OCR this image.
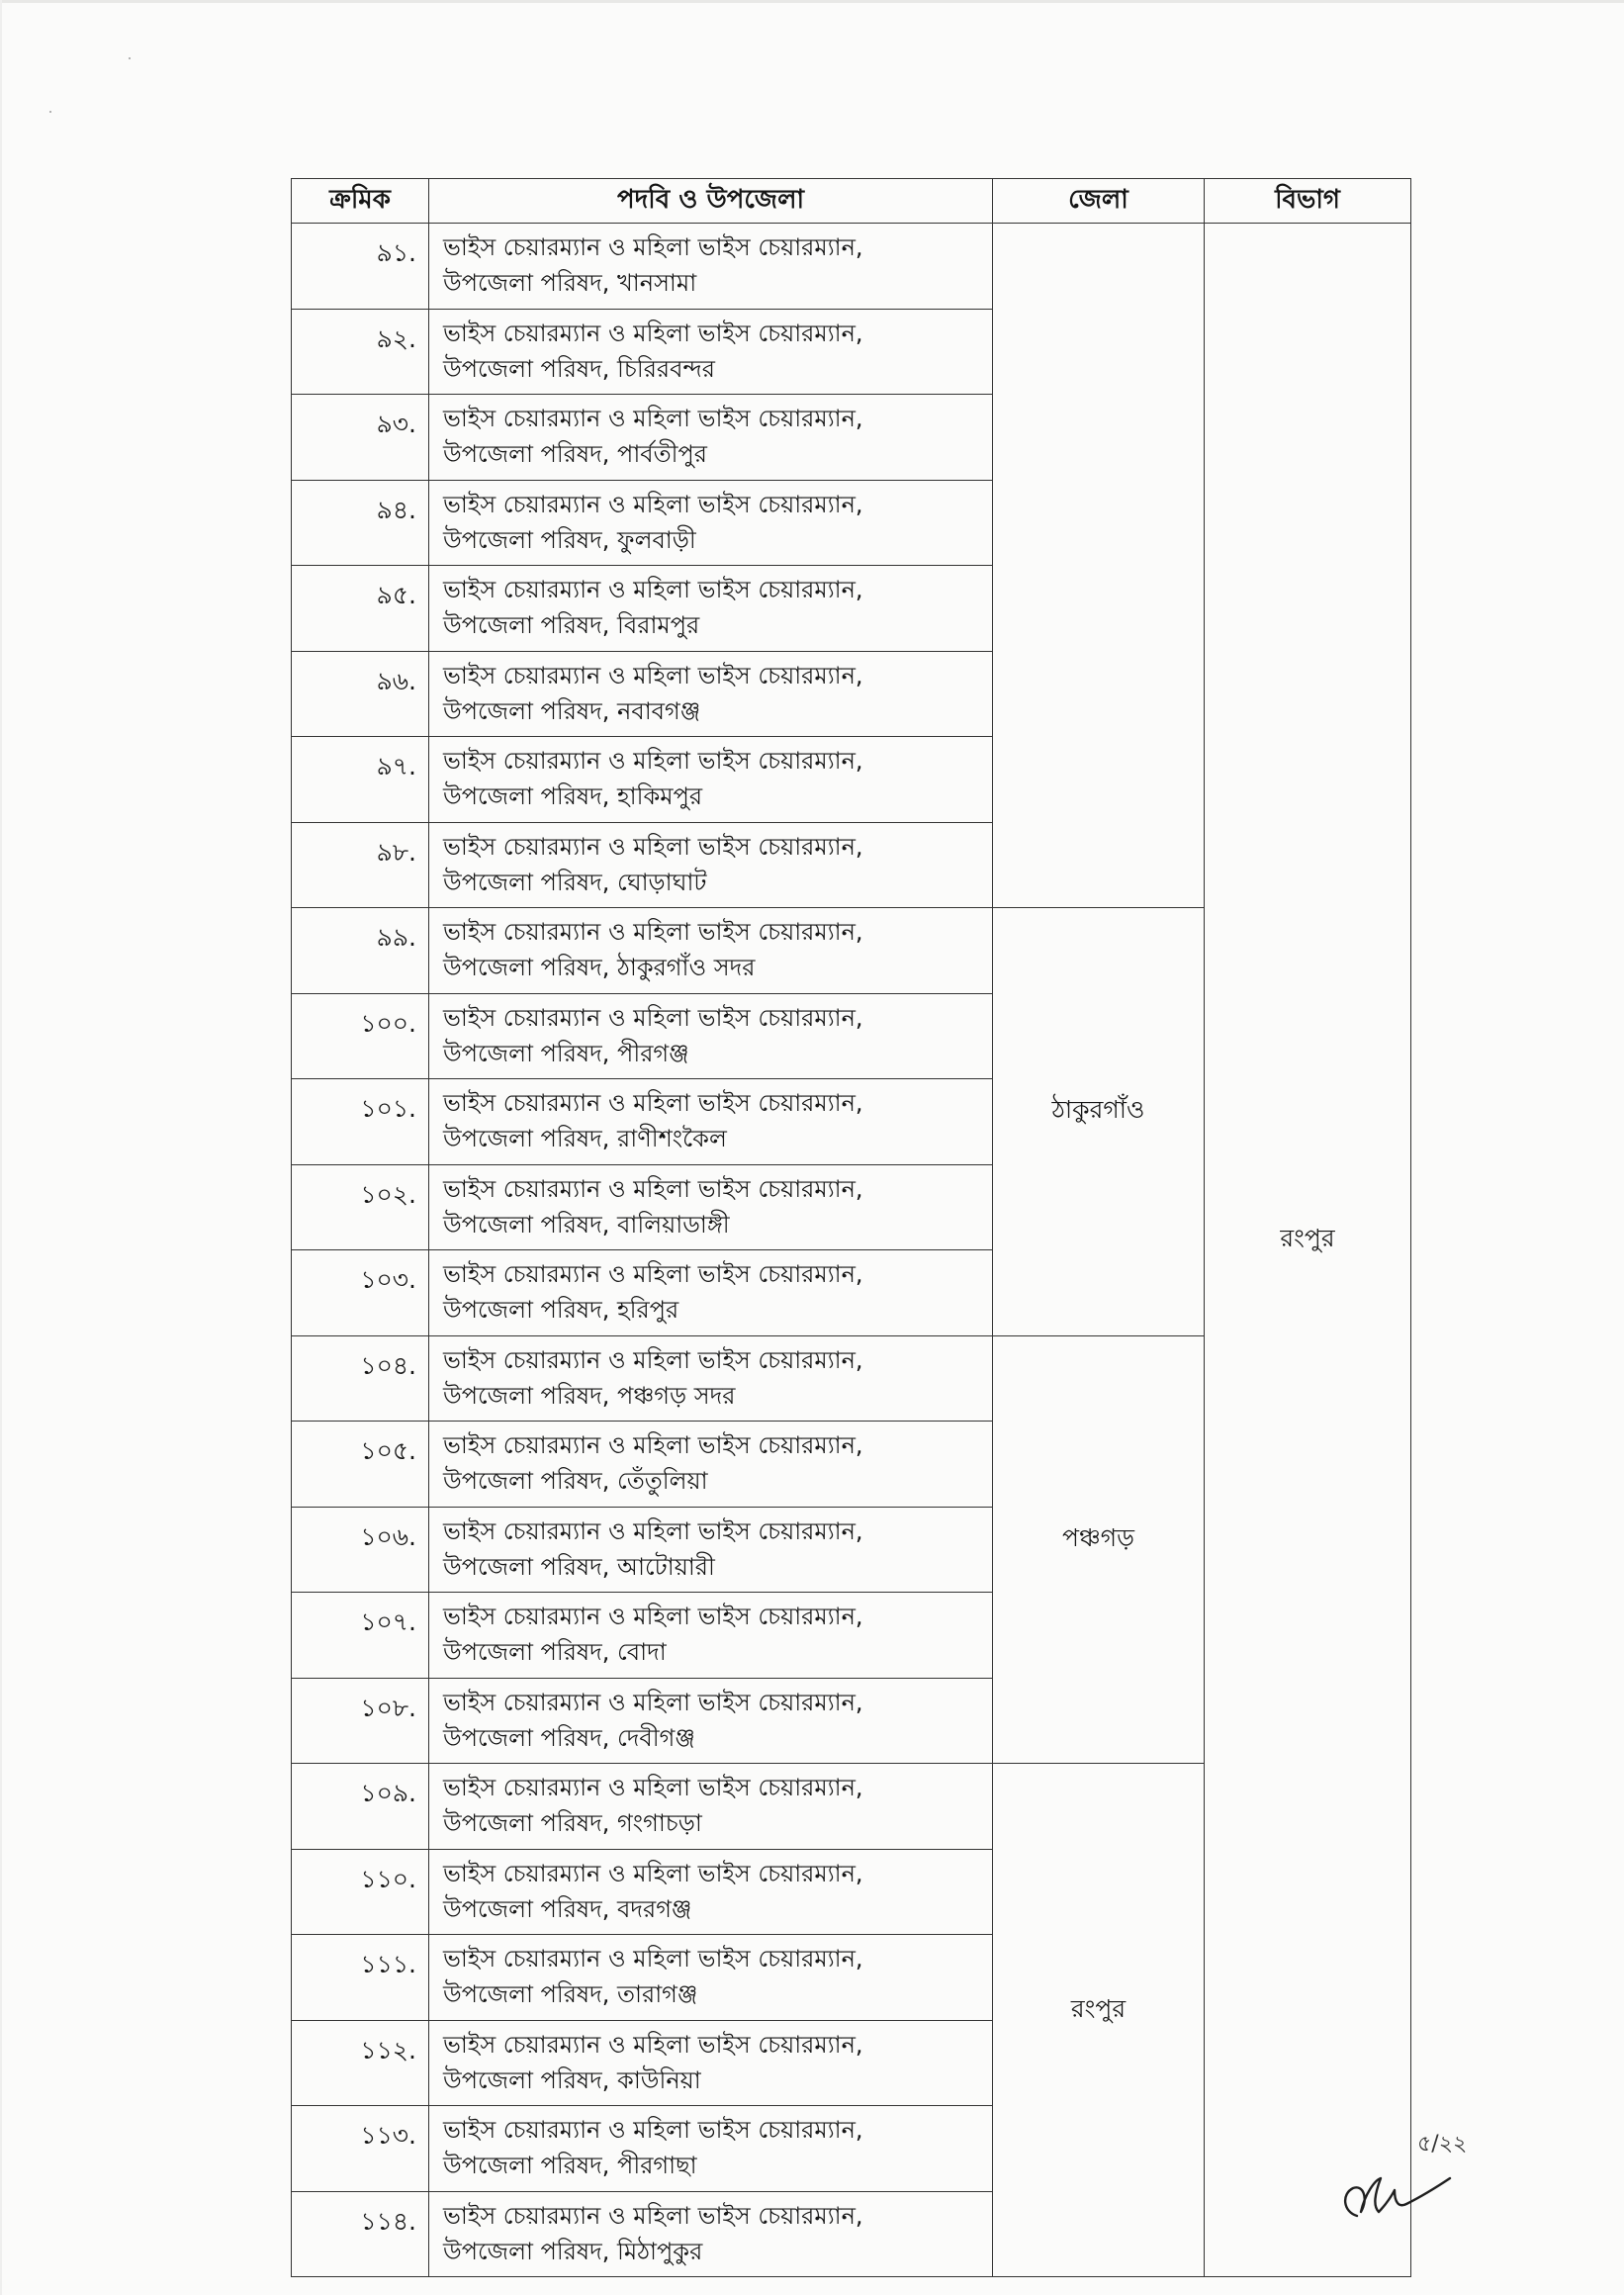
ক্রমিক	পদবি ও উপজেলা	জেলা	বিভাগ
৯১.	ভাইস চেয়ারম্যান ও মহিলা ভাইস চেয়ারম্যান,
উপজেলা পরিষদ, খানসামা		রংপুর
৯২.	ভাইস চেয়ারম্যান ও মহিলা ভাইস চেয়ারম্যান,
উপজেলা পরিষদ, চিরিরবন্দর		

৯৩.	ভাইস চেয়ারম্যান ও মহিলা ভাইস চেয়ারম্যান,
উপজেলা পরিষদ, পার্বতীপুর		

৯৪.	ভাইস চেয়ারম্যান ও মহিলা ভাইস চেয়ারম্যান,
উপজেলা পরিষদ, ফুলবাড়ী		

৯৫.	ভাইস চেয়ারম্যান ও মহিলা ভাইস চেয়ারম্যান,
উপজেলা পরিষদ, বিরামপুর		

৯৬.	ভাইস চেয়ারম্যান ও মহিলা ভাইস চেয়ারম্যান,
উপজেলা পরিষদ, নবাবগঞ্জ		

৯৭.	ভাইস চেয়ারম্যান ও মহিলা ভাইস চেয়ারম্যান,
উপজেলা পরিষদ, হাকিমপুর		

৯৮.	ভাইস চেয়ারম্যান ও মহিলা ভাইস চেয়ারম্যান,
উপজেলা পরিষদ, ঘোড়াঘাট		

৯৯.	ভাইস চেয়ারম্যান ও মহিলা ভাইস চেয়ারম্যান,
উপজেলা পরিষদ, ঠাকুরগাঁও সদর	ঠাকুরগাঁও	
১০০.	ভাইস চেয়ারম্যান ও মহিলা ভাইস চেয়ারম্যান,
উপজেলা পরিষদ, পীরগঞ্জ		

১০১.	ভাইস চেয়ারম্যান ও মহিলা ভাইস চেয়ারম্যান,
উপজেলা পরিষদ, রাণীশংকৈল		

১০২.	ভাইস চেয়ারম্যান ও মহিলা ভাইস চেয়ারম্যান,
উপজেলা পরিষদ, বালিয়াডাঙ্গী		

১০৩.	ভাইস চেয়ারম্যান ও মহিলা ভাইস চেয়ারম্যান,
উপজেলা পরিষদ, হরিপুর		

১০৪.	ভাইস চেয়ারম্যান ও মহিলা ভাইস চেয়ারম্যান,
উপজেলা পরিষদ, পঞ্চগড় সদর	পঞ্চগড়	
১০৫.	ভাইস চেয়ারম্যান ও মহিলা ভাইস চেয়ারম্যান,
উপজেলা পরিষদ, তেঁতুলিয়া		

১০৬.	ভাইস চেয়ারম্যান ও মহিলা ভাইস চেয়ারম্যান,
উপজেলা পরিষদ, আটোয়ারী		

১০৭.	ভাইস চেয়ারম্যান ও মহিলা ভাইস চেয়ারম্যান,
উপজেলা পরিষদ, বোদা		

১০৮.	ভাইস চেয়ারম্যান ও মহিলা ভাইস চেয়ারম্যান,
উপজেলা পরিষদ, দেবীগঞ্জ		

১০৯.	ভাইস চেয়ারম্যান ও মহিলা ভাইস চেয়ারম্যান,
উপজেলা পরিষদ, গংগাচড়া	রংপুর	
১১০.	ভাইস চেয়ারম্যান ও মহিলা ভাইস চেয়ারম্যান,
উপজেলা পরিষদ, বদরগঞ্জ		

১১১.	ভাইস চেয়ারম্যান ও মহিলা ভাইস চেয়ারম্যান,
উপজেলা পরিষদ, তারাগঞ্জ		

১১২.	ভাইস চেয়ারম্যান ও মহিলা ভাইস চেয়ারম্যান,
উপজেলা পরিষদ, কাউনিয়া		

১১৩.	ভাইস চেয়ারম্যান ও মহিলা ভাইস চেয়ারম্যান,
উপজেলা পরিষদ, পীরগাছা		

১১৪.	ভাইস চেয়ারম্যান ও মহিলা ভাইস চেয়ারম্যান,
উপজেলা পরিষদ, মিঠাপুকুর		
৫/২২
